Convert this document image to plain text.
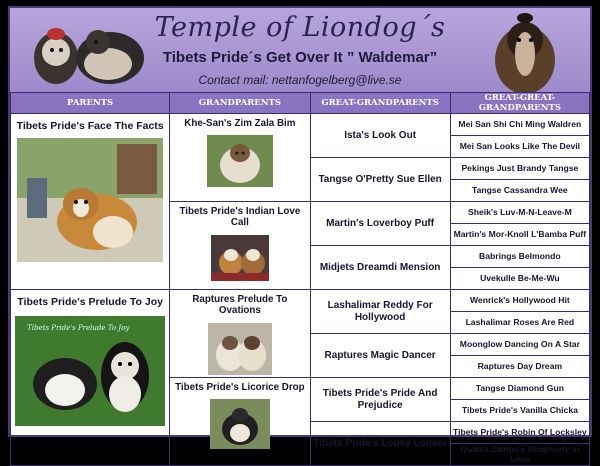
Temple of Liondog´s
Tibets Pride´s Get Over It ” Waldemar”
Contact mail: nettanfogelberg@live.se
PARENTS	GRANDPARENTS	GREAT-GRANDPARENTS	GREAT-GREAT-GRANDPARENTS

Tibets Pride's Face The Facts	Khe-San's Zim Zala Bim	Ista's Look Out	Mei San Shi Chi Ming Waldren

			Mei San Looks Like The Devil

		Tangse O'Pretty Sue Ellen	Pekings Just Brandy Tangse

			Tangse Cassandra Wee

	Tibets Pride's Indian Love Call	Martin's Loverboy Puff	Sheik's Luv-M-N-Leave-M

			Martin's Mor-Knoll L'Bamba Puff

		Midjets Dreamdi Mension	Babrings Belmondo

			Uvekulle Be-Me-Wu

Tibets Pride's Prelude To Joy
Tibets Pride's Prelude To Joy	Raptures Prelude To Ovations	Lashalimar Reddy For Hollywood	Wenrick's Hollywood Hit

			Lashalimar Roses Are Red

		Raptures Magic Dancer	Moonglow Dancing On A Star

			Raptures Day Dream

	Tibets Pride's Licorice Drop	Tibets Pride's Pride And Prejudice	Tangse Diamond Gun

			Tibets Pride's Vanilla Chicka

		Tibets Pride's Lousy Looser	Tibets Pride's Robin Of Locksley

			Quatro Zampe's Rhapsody In Love
